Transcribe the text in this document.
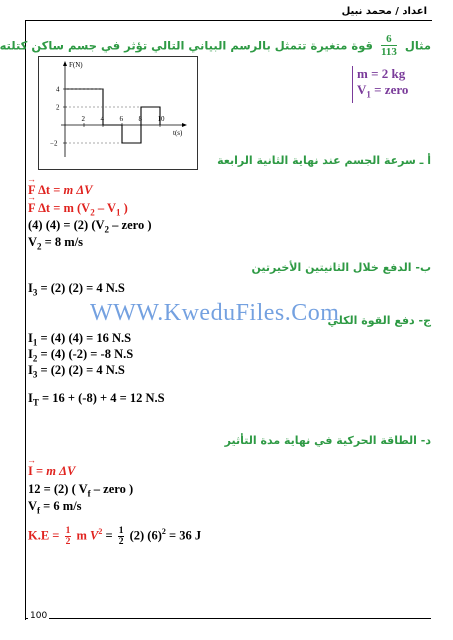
اعداد / محمد نبيل
مثال
$\frac{6}{113}$
قوة متغيرة تتمثل بالرسم البياني التالي تؤثر في جسم ساكن كتلته
F(N)
t(s)
2 4 6 8 10
4
2
−2
m = 2 kg
$V_1$ = zero
أ ـ سرعة الجسم عند نهاية الثانية الرابعة
→ F Δt = m ΔV
→ F Δt = m ($V_2 - V_1$ )
(4) (4) = (2) ($V_2$ – zero )
$V_2 = 8$ m/s
ب- الدفع خلال الثانيتين الأخيرتين
$I_3 = (2) (2) = 4$ N.S
WWW.KweduFiles.Com
ج- دفع القوة الكلي
$I_1 = (4) (4) = 16$ N.S
$I_2 = (4) (-2) = -8$ N.S
$I_3 = (2) (2) = 4$ N.S
$I_T = 16 + (-8) + 4 = 12$ N.S
د- الطاقة الحركية في نهاية مدة التأثير
→ I = m ΔV
12 = (2) ( $V_f$ – zero )
$V_f = 6$ m/s
$K.E = \frac{1}{2}$ m $V^2 = \frac{1}{2} (2) (6)^2 = 36$ J
100
